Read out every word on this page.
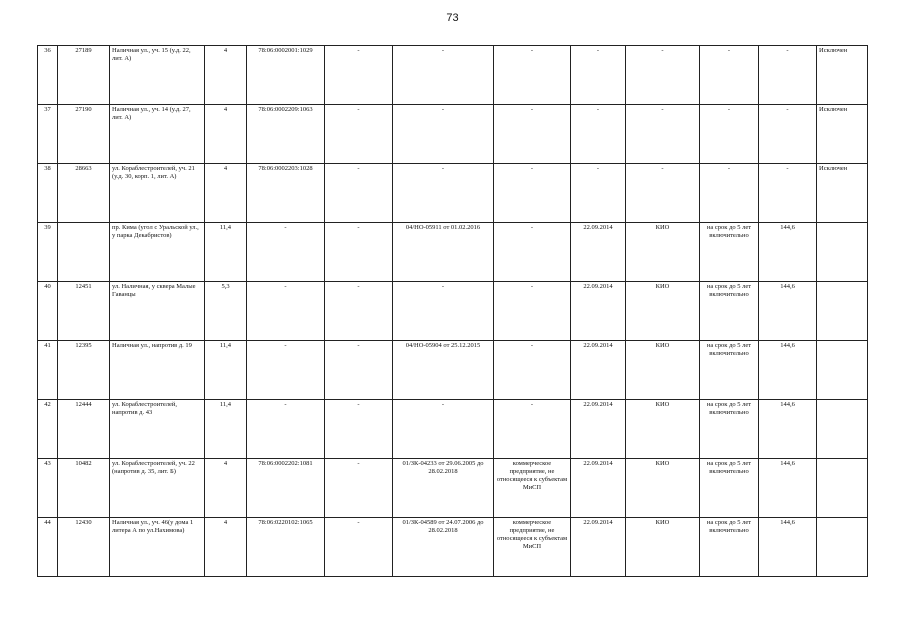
73
36	27189	Наличная ул., уч. 15 (у.д. 22, лит. А)	4	78:06:0002001:1029	-	-	-	-	-	-	-	Исключен
37	27190	Наличная ул., уч. 14 (у.д. 27, лит. А)	4	78:06:0002209:1063	-	-	-	-	-	-	-	Исключен
38	28663	ул. Кораблестроителей, уч. 21 (у.д. 30, корп. 1, лит. А)	4	78:06:0002203:1028	-	-	-	-	-	-	-	Исключен
39		пр. Кима (угол с Уральской ул., у парка Декабристов)	11,4	-	-	04/НО-05911 от 01.02.2016	-	22.09.2014	КИО	на срок до 5 лет включительно	144,6	
40	12451	ул. Наличная, у сквера Малые Гаванцы	5,3	-	-	-	-	22.09.2014	КИО	на срок до 5 лет включительно	144,6	
41	12395	Наличная ул., напротив д. 19	11,4	-	-	04/НО-05904 от 25.12.2015	-	22.09.2014	КИО	на срок до 5 лет включительно	144,6	
42	12444	ул. Кораблестроителей, напротив д. 43	11,4	-	-	-	-	22.09.2014	КИО	на срок до 5 лет включительно	144,6	
43	10482	ул. Кораблестроителей, уч. 22 (напротив д. 35, лит. Б)	4	78:06:0002202:1081	-	01/ЗК-04233 от 29.06.2005 до 28.02.2018	коммерческое предприятие, не относящееся к субъектам МиСП	22.09.2014	КИО	на срок до 5 лет включительно	144,6	
44	12430	Наличная ул., уч. 46(у дома 1 литера А по ул.Нахимова)	4	78:06:0220102:1065	-	01/ЗК-04589 от 24.07.2006 до 28.02.2018	коммерческое предприятие, не относящееся к субъектам МиСП	22.09.2014	КИО	на срок до 5 лет включительно	144,6	
